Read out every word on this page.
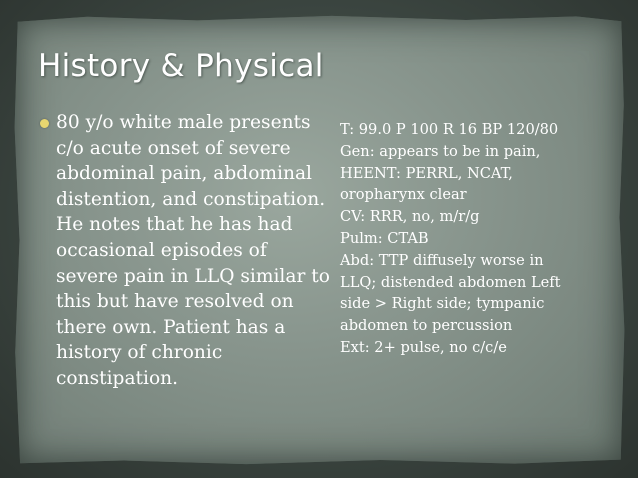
History & Physical

80 y/o white male presents c/o acute onset of severe abdominal pain, abdominal distention, and constipation. He notes that he has had occasional episodes of severe pain in LLQ similar to this but have resolved on there own. Patient has a history of chronic constipation.

T: 99.0 P 100 R 16 BP 120/80

Gen: appears to be in pain,

HEENT: PERRL, NCAT,

oropharynx clear

CV: RRR, no, m/r/g

Pulm: CTAB

Abd: TTP diffusely worse in

LLQ; distended abdomen Left

side > Right side; tympanic

abdomen to percussion

Ext: 2+ pulse, no c/c/e
